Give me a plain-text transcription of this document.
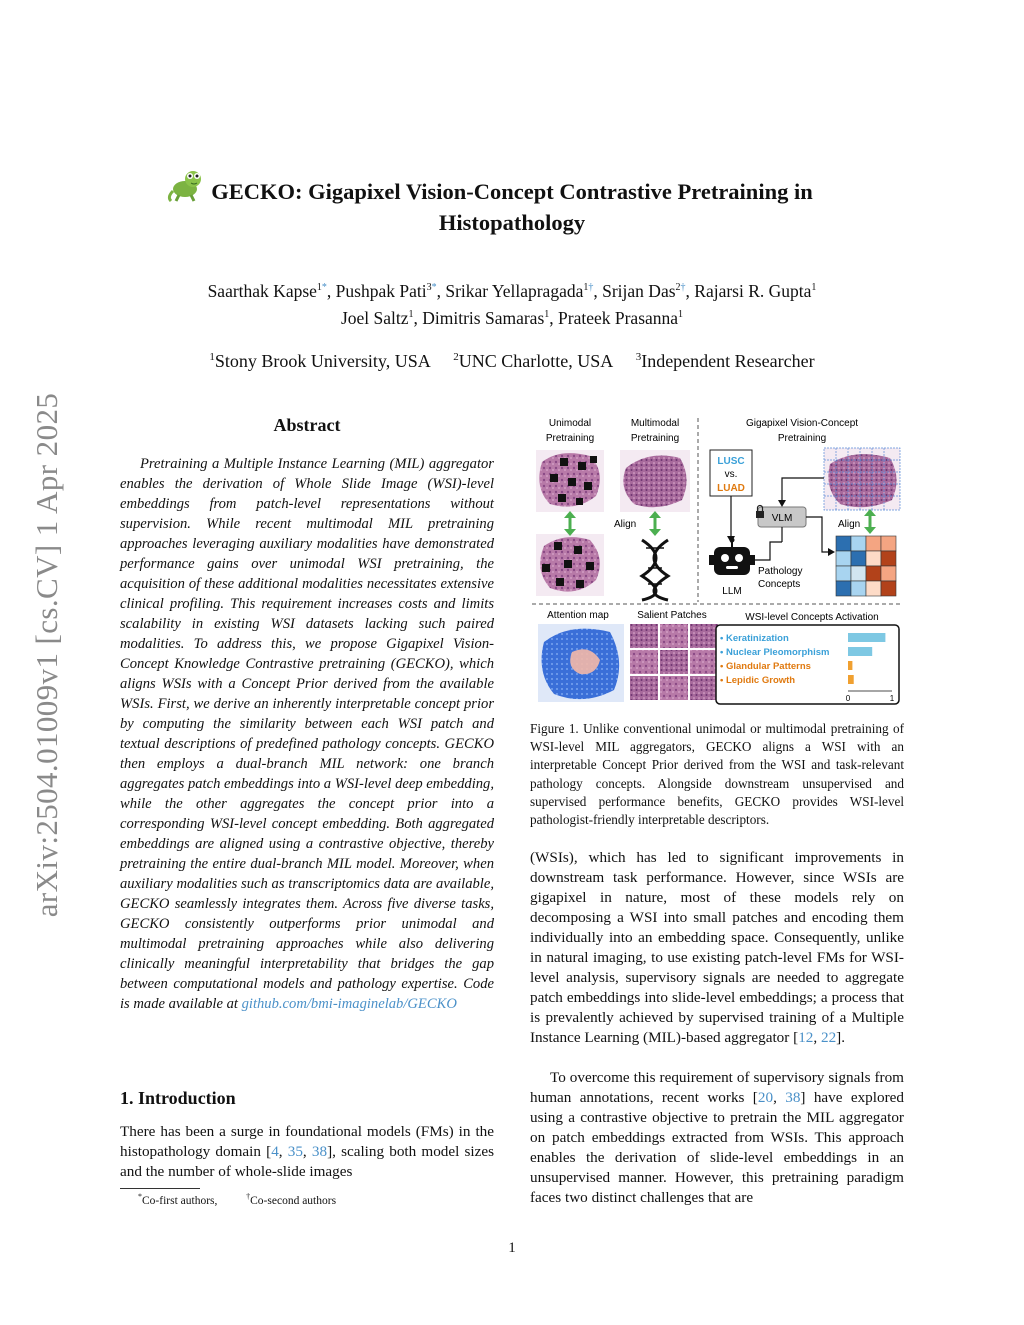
arXiv:2504.01009v1 [cs.CV] 1 Apr 2025
GECKO: Gigapixel Vision-Concept Contrastive Pretraining in Histopathology
Saarthak Kapse$^{1*}$, Pushpak Pati$^{3*}$, Srikar Yellapragada$^{1\dagger}$, Srijan Das$^{2\dagger}$, Rajarsi R. Gupta$^1$
Joel Saltz$^1$, Dimitris Samaras$^1$, Prateek Prasanna$^1$
$^1$Stony Brook University, USA $^2$UNC Charlotte, USA $^3$Independent Researcher
Abstract

Pretraining a Multiple Instance Learning (MIL) aggregator enables the derivation of Whole Slide Image (WSI)-level embeddings from patch-level representations without supervision. While recent multimodal MIL pretraining approaches leveraging auxiliary modalities have demonstrated performance gains over unimodal WSI pretraining, the acquisition of these additional modalities necessitates extensive clinical profiling. This requirement increases costs and limits scalability in existing WSI datasets lacking such paired modalities. To address this, we propose Gigapixel Vision-Concept Knowledge Contrastive pretraining (GECKO), which aligns WSIs with a Concept Prior derived from the available WSIs. First, we derive an inherently interpretable concept prior by computing the similarity between each WSI patch and textual descriptions of predefined pathology concepts. GECKO then employs a dual-branch MIL network: one branch aggregates patch embeddings into a WSI-level deep embedding, while the other aggregates the concept prior into a corresponding WSI-level concept embedding. Both aggregated embeddings are aligned using a contrastive objective, thereby pretraining the entire dual-branch MIL model. Moreover, when auxiliary modalities such as transcriptomics data are available, GECKO seamlessly integrates them. Across five diverse tasks, GECKO consistently outperforms prior unimodal and multimodal pretraining approaches while also delivering clinically meaningful interpretability that bridges the gap between computational models and pathology expertise. Code is made available at github.com/bmi-imaginelab/GECKO

1. Introduction

There has been a surge in foundational models (FMs) in the histopathology domain [4, 35, 38], scaling both model sizes and the number of whole-slide images

*Co-first authors,	†Co-second authors
Unimodal
Pretraining
Multimodal
Pretraining
Gigapixel Vision-Concept
Pretraining
Align
LUSC
vs.
LUAD
VLM
Align
LLM
Pathology
Concepts
Attention map	Salient Patches	WSI-level Concepts Activation
• Keratinization
• Nuclear Pleomorphism
• Glandular Patterns
• Lepidic Growth
0	1

Figure 1. Unlike conventional unimodal or multimodal pretraining of WSI-level MIL aggregators, GECKO aligns a WSI with an interpretable Concept Prior derived from the WSI and task-relevant pathology concepts. Alongside downstream unsupervised and supervised performance benefits, GECKO provides WSI-level pathologist-friendly interpretable descriptors.

(WSIs), which has led to significant improvements in downstream task performance. However, since WSIs are gigapixel in nature, most of these models rely on decomposing a WSI into small patches and encoding them individually into an embedding space. Consequently, unlike in natural imaging, to use existing patch-level FMs for WSI-level analysis, supervisory signals are needed to aggregate patch embeddings into slide-level embeddings; a process that is prevalently achieved by supervised training of a Multiple Instance Learning (MIL)-based aggregator [12, 22].

To overcome this requirement of supervisory signals from human annotations, recent works [20, 38] have explored using a contrastive objective to pretrain the MIL aggregator on patch embeddings extracted from WSIs. This approach enables the derivation of slide-level embeddings in an unsupervised manner. However, this pretraining paradigm faces two distinct challenges that are

1
